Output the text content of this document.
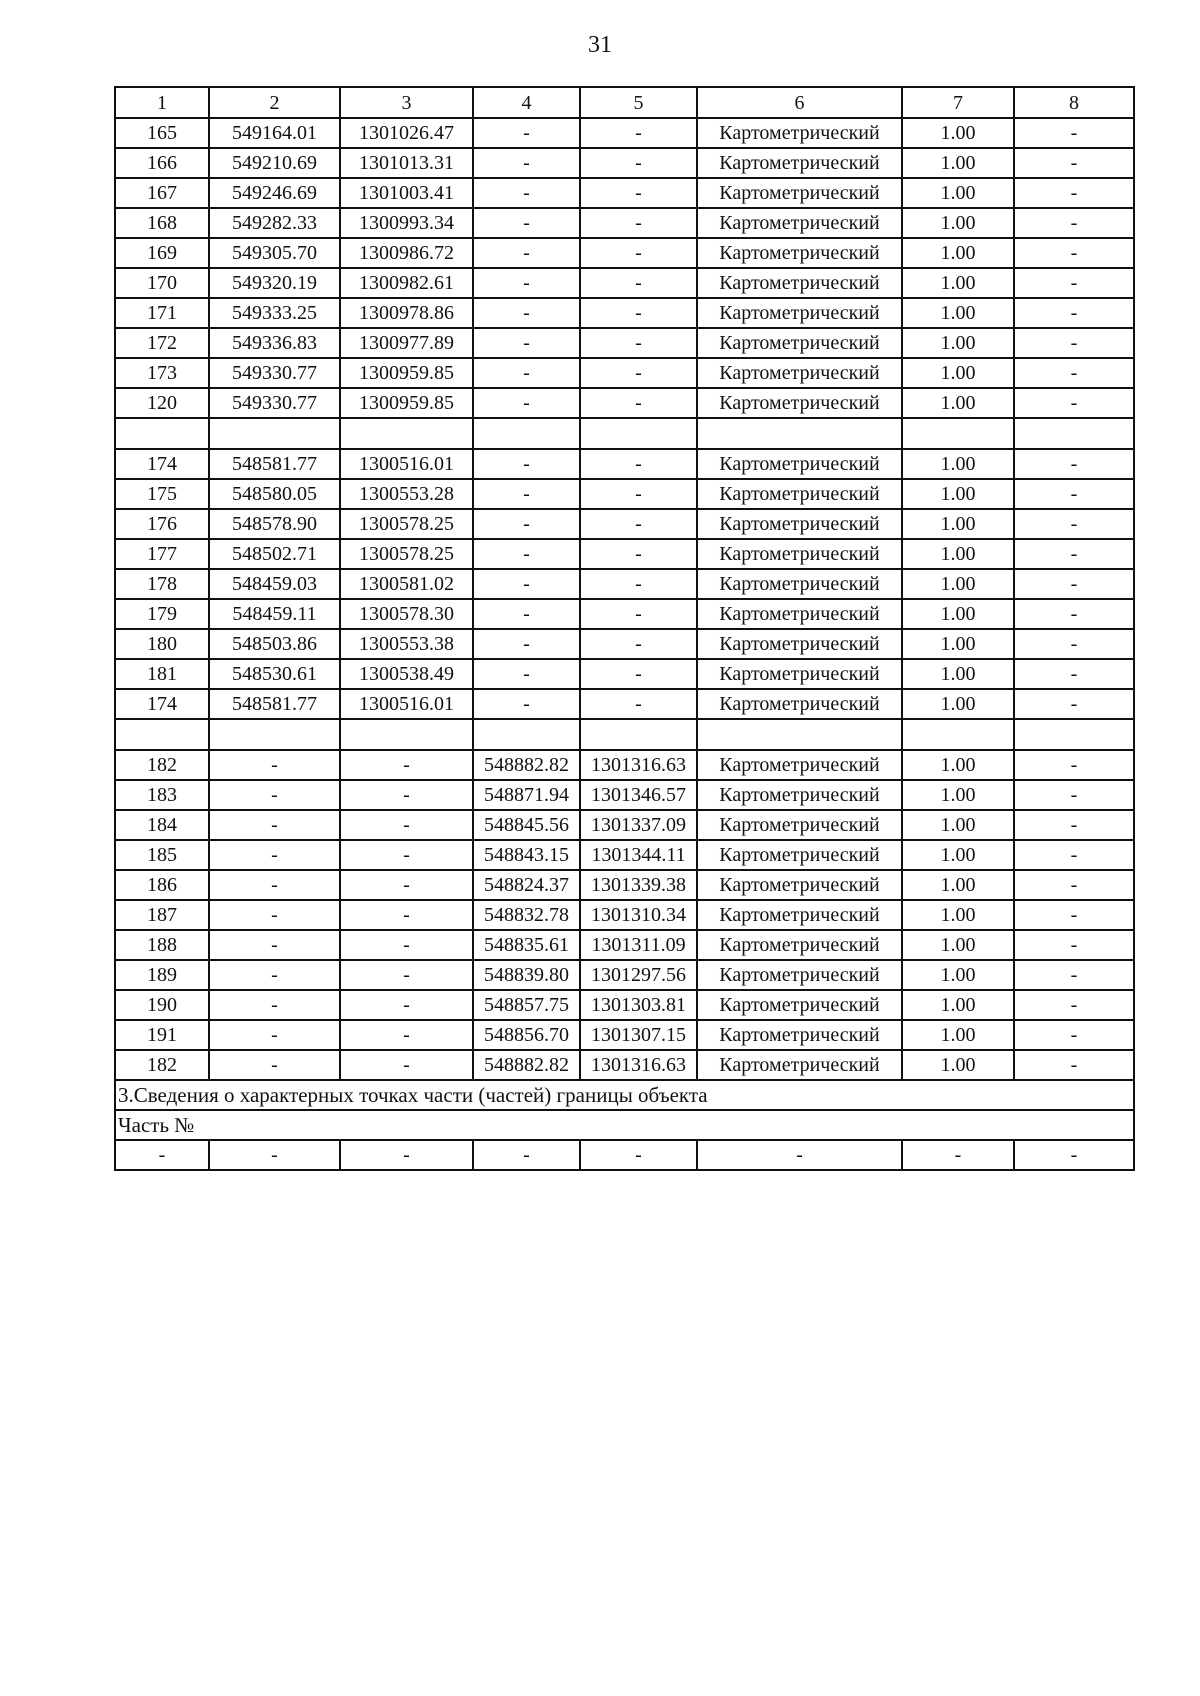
31
1	2	3	4	5	6	7	8
165	549164.01	1301026.47	-	-	Картометрический	1.00	-
166	549210.69	1301013.31	-	-	Картометрический	1.00	-
167	549246.69	1301003.41	-	-	Картометрический	1.00	-
168	549282.33	1300993.34	-	-	Картометрический	1.00	-
169	549305.70	1300986.72	-	-	Картометрический	1.00	-
170	549320.19	1300982.61	-	-	Картометрический	1.00	-
171	549333.25	1300978.86	-	-	Картометрический	1.00	-
172	549336.83	1300977.89	-	-	Картометрический	1.00	-
173	549330.77	1300959.85	-	-	Картометрический	1.00	-
120	549330.77	1300959.85	-	-	Картометрический	1.00	-

174	548581.77	1300516.01	-	-	Картометрический	1.00	-
175	548580.05	1300553.28	-	-	Картометрический	1.00	-
176	548578.90	1300578.25	-	-	Картометрический	1.00	-
177	548502.71	1300578.25	-	-	Картометрический	1.00	-
178	548459.03	1300581.02	-	-	Картометрический	1.00	-
179	548459.11	1300578.30	-	-	Картометрический	1.00	-
180	548503.86	1300553.38	-	-	Картометрический	1.00	-
181	548530.61	1300538.49	-	-	Картометрический	1.00	-
174	548581.77	1300516.01	-	-	Картометрический	1.00	-

182	-	-	548882.82	1301316.63	Картометрический	1.00	-
183	-	-	548871.94	1301346.57	Картометрический	1.00	-
184	-	-	548845.56	1301337.09	Картометрический	1.00	-
185	-	-	548843.15	1301344.11	Картометрический	1.00	-
186	-	-	548824.37	1301339.38	Картометрический	1.00	-
187	-	-	548832.78	1301310.34	Картометрический	1.00	-
188	-	-	548835.61	1301311.09	Картометрический	1.00	-
189	-	-	548839.80	1301297.56	Картометрический	1.00	-
190	-	-	548857.75	1301303.81	Картометрический	1.00	-
191	-	-	548856.70	1301307.15	Картометрический	1.00	-
182	-	-	548882.82	1301316.63	Картометрический	1.00	-
3.Сведения о характерных точках части (частей) границы объекта							
Часть №							
-	-	-	-	-	-	-	-
